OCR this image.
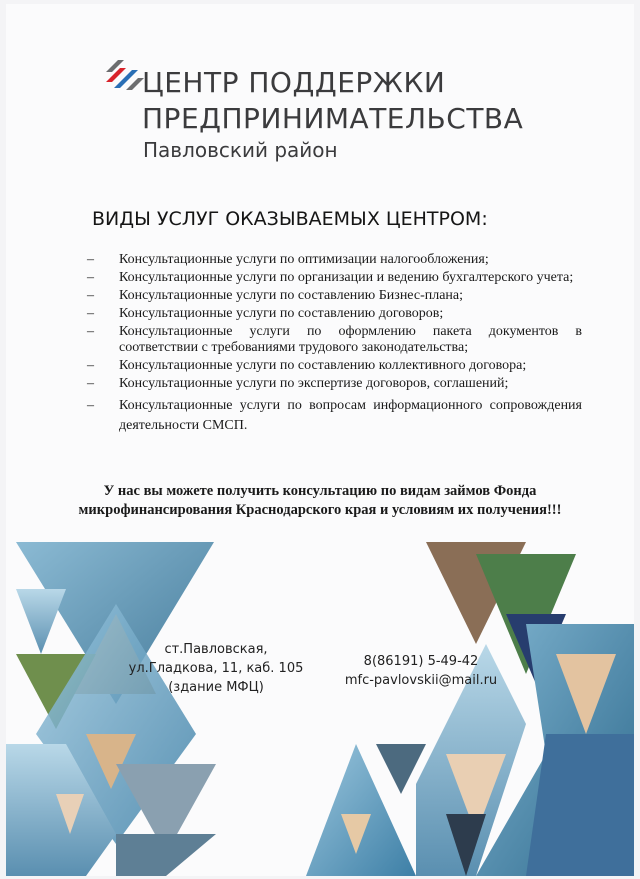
ЦЕНТР ПОДДЕРЖКИ
ПРЕДПРИНИМАТЕЛЬСТВА
Павловский район
ВИДЫ УСЛУГ ОКАЗЫВАЕМЫХ ЦЕНТРОМ:
– Консультационные услуги по оптимизации налогообложения;
– Консультационные услуги по организации и ведению бухгалтерского учета;
– Консультационные услуги по составлению Бизнес-плана;
– Консультационные услуги по составлению договоров;
– Консультационные услуги по оформлению пакета документов в соответствии с требованиями трудового законодательства;
– Консультационные услуги по составлению коллективного договора;
– Консультационные услуги по экспертизе договоров, соглашений;
– Консультационные услуги по вопросам информационного сопровождения деятельности СМСП.
У нас вы можете получить консультацию по видам займов Фонда
микрофинансирования Краснодарского края и условиям их получения!!!
ст.Павловская,
ул.Гладкова, 11, каб. 105
(здание МФЦ)
8(86191) 5-49-42
mfc-pavlovskii@mail.ru
